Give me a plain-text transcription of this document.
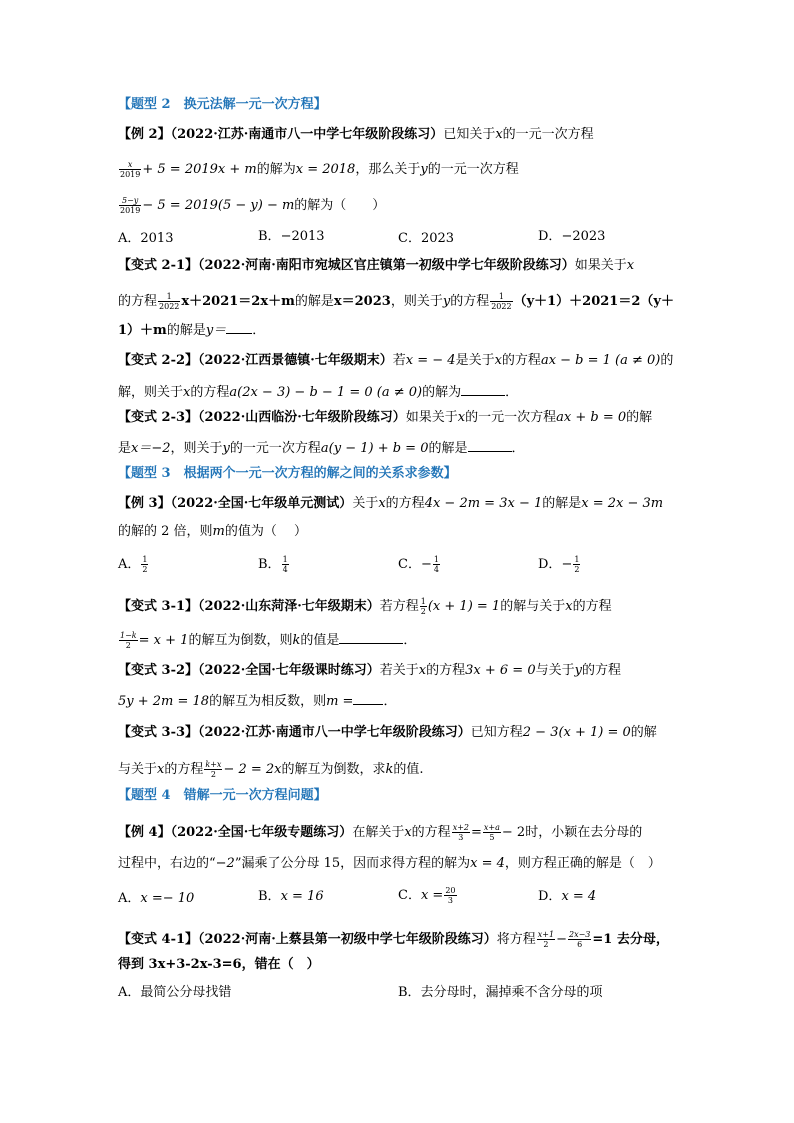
【题型 2　换元法解一元一次方程】
【例 2】（2022·江苏·南通市八一中学七年级阶段练习）已知关于x的一元一次方程
$\frac{x}{2019} + 5 = 2019x + m$的解为x = 2018，那么关于y的一元一次方程
$\frac{5-y}{2019} - 5 = 2019(5 - y) - m$的解为（　　）
A．2013	B．−2013	C．2023	D．−2023
【变式 2-1】（2022·河南·南阳市宛城区官庄镇第一初级中学七年级阶段练习）如果关于x
的方程 $\frac{1}{2022} x+2021=2x+m$的解是x＝2023，则关于y的方程 $\frac{1}{2022} (y+1)+2021=2(y+$
1）＋m的解是y＝ ．
【变式 2-2】（2022·江西景德镇·七年级期末）若x = − 4是关于x的方程ax − b = 1 (a ≠ 0)的
解，则关于x的方程a(2x − 3) − b − 1 = 0 (a ≠ 0)的解为	．
【变式 2-3】（2022·山西临汾·七年级阶段练习）如果关于x的一元一次方程ax + b = 0的解
是x＝−2，则关于y的一元一次方程a(y − 1) + b = 0的解是	．
【题型 3　根据两个一元一次方程的解之间的关系求参数】
【例 3】（2022·全国·七年级单元测试）关于x的方程4x − 2m = 3x − 1的解是x = 2x − 3m
的解的 2 倍，则m的值为（　 ）
A． $\frac{1}{2}$	B． $\frac{1}{4}$	C．− $\frac{1}{4}$	D．− $\frac{1}{2}$
【变式 3-1】（2022·山东菏泽·七年级期末）若方程 $\frac{1}{2} (x + 1) = 1$的解与关于x的方程
$\frac{1-k}{2} = x + 1$的解互为倒数，则k的值是	．
【变式 3-2】（2022·全国·七年级课时练习）若关于x的方程3x + 6 = 0与关于y的方程
5y + 2m = 18的解互为相反数，则m = ．
【变式 3-3】（2022·江苏·南通市八一中学七年级阶段练习）已知方程2 − 3(x + 1) = 0的解
与关于x的方程 $\frac{k+x}{2} - 2 = 2x$的解互为倒数，求k的值.
【题型 4　错解一元一次方程问题】
【例 4】（2022·全国·七年级专题练习）在解关于x的方程 $\frac{x+2}{3} = \frac{x+a}{5} - 2$时，小颖在去分母的
过程中，右边的“−2”漏乘了公分母 15，因而求得方程的解为x = 4，则方程正确的解是（　）
A．x =− 10	B．x = 16	C．$x = \frac{20}{3}$	D．x = 4
【变式 4-1】（2022·河南·上蔡县第一初级中学七年级阶段练习）将方程 $\frac{x+1}{2} - \frac{2x-3}{6} =1$ 去分母，
得到 3x+3-2x-3=6，错在（　）
A．最简公分母找错	B．去分母时，漏掉乘不含分母的项
